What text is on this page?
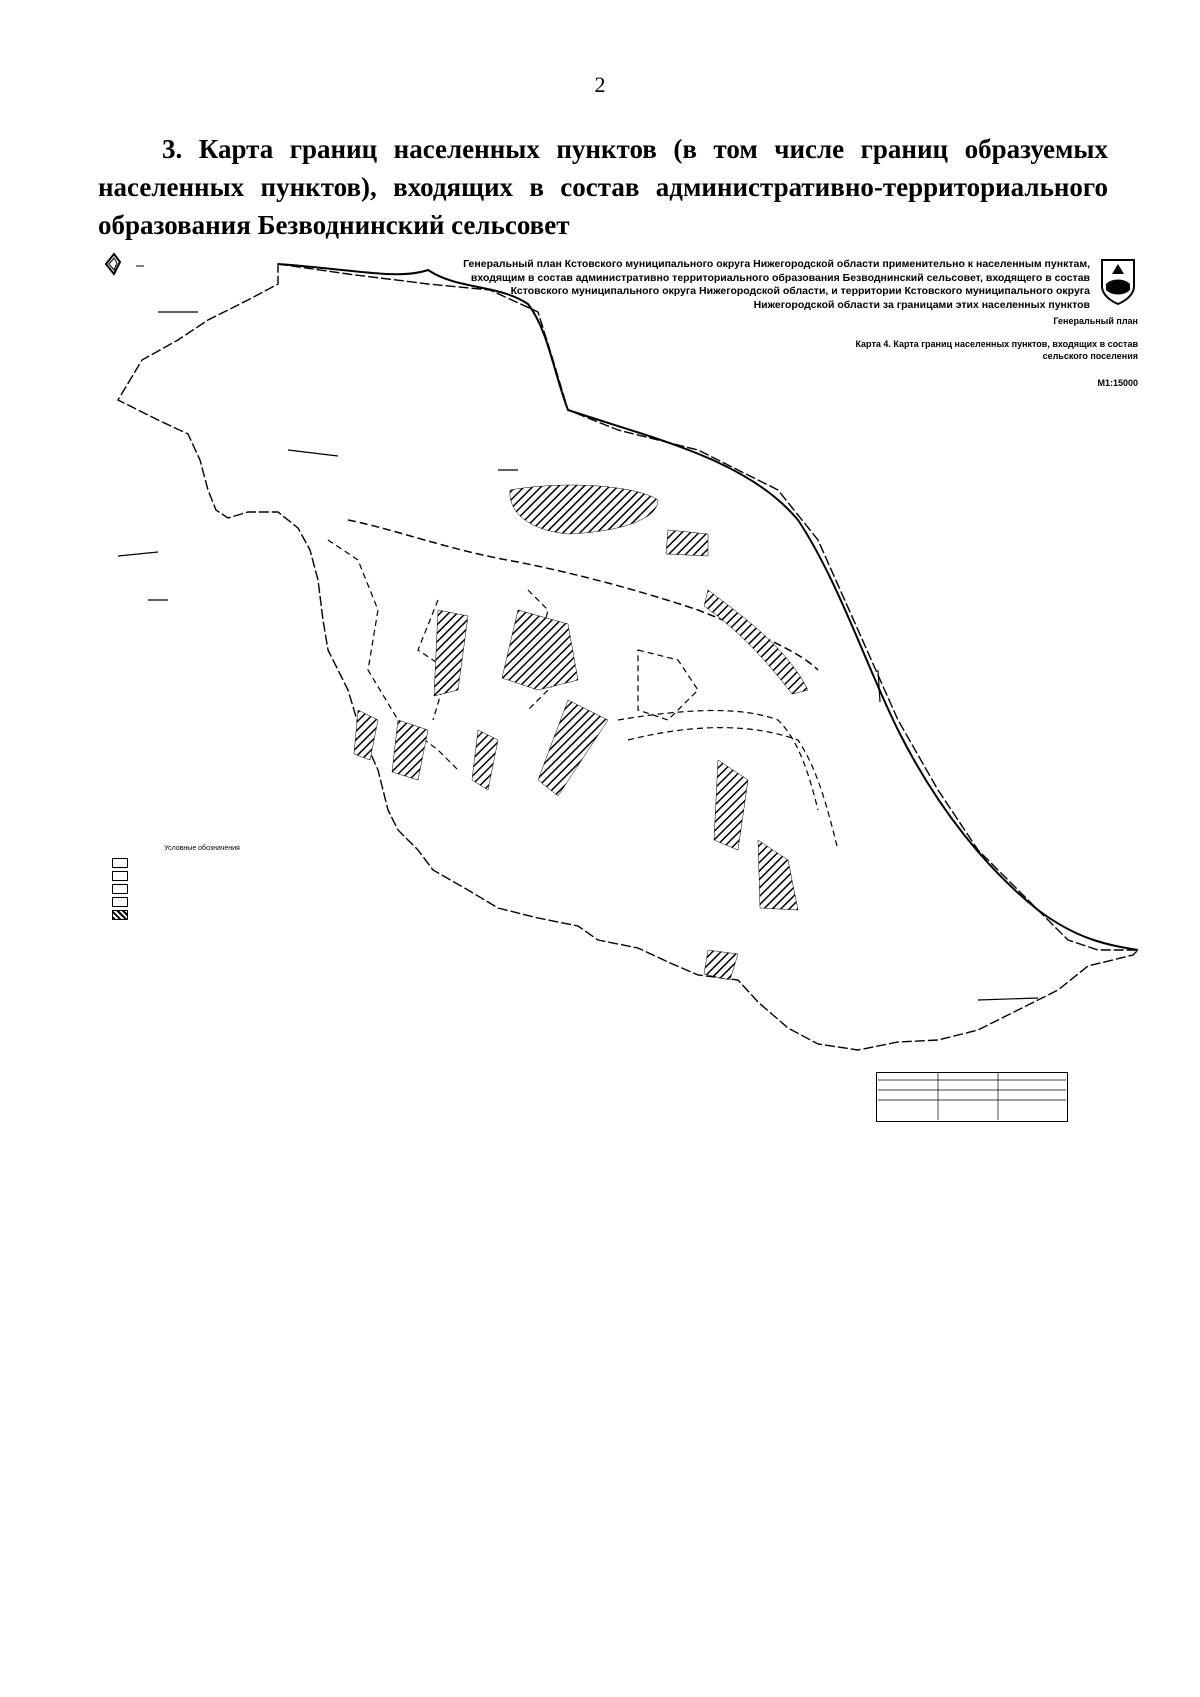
2
3. Карта границ населенных пунктов (в том числе границ образуемых населенных пунктов), входящих в состав административно-территориального образования Безводнинский сельсовет
Генеральный план Кстовского муниципального округа Нижегородской области применительно к населенным пунктам, входящим в состав административно территориального образования Безводнинский сельсовет, входящего в состав Кстовского муниципального округа Нижегородской области, и территории Кстовского муниципального округа Нижегородской области за границами этих населенных пунктов
Генеральный план
Карта 4. Карта границ населенных пунктов, входящих в состав сельского поселения
М1:15000
Условные обозначения
